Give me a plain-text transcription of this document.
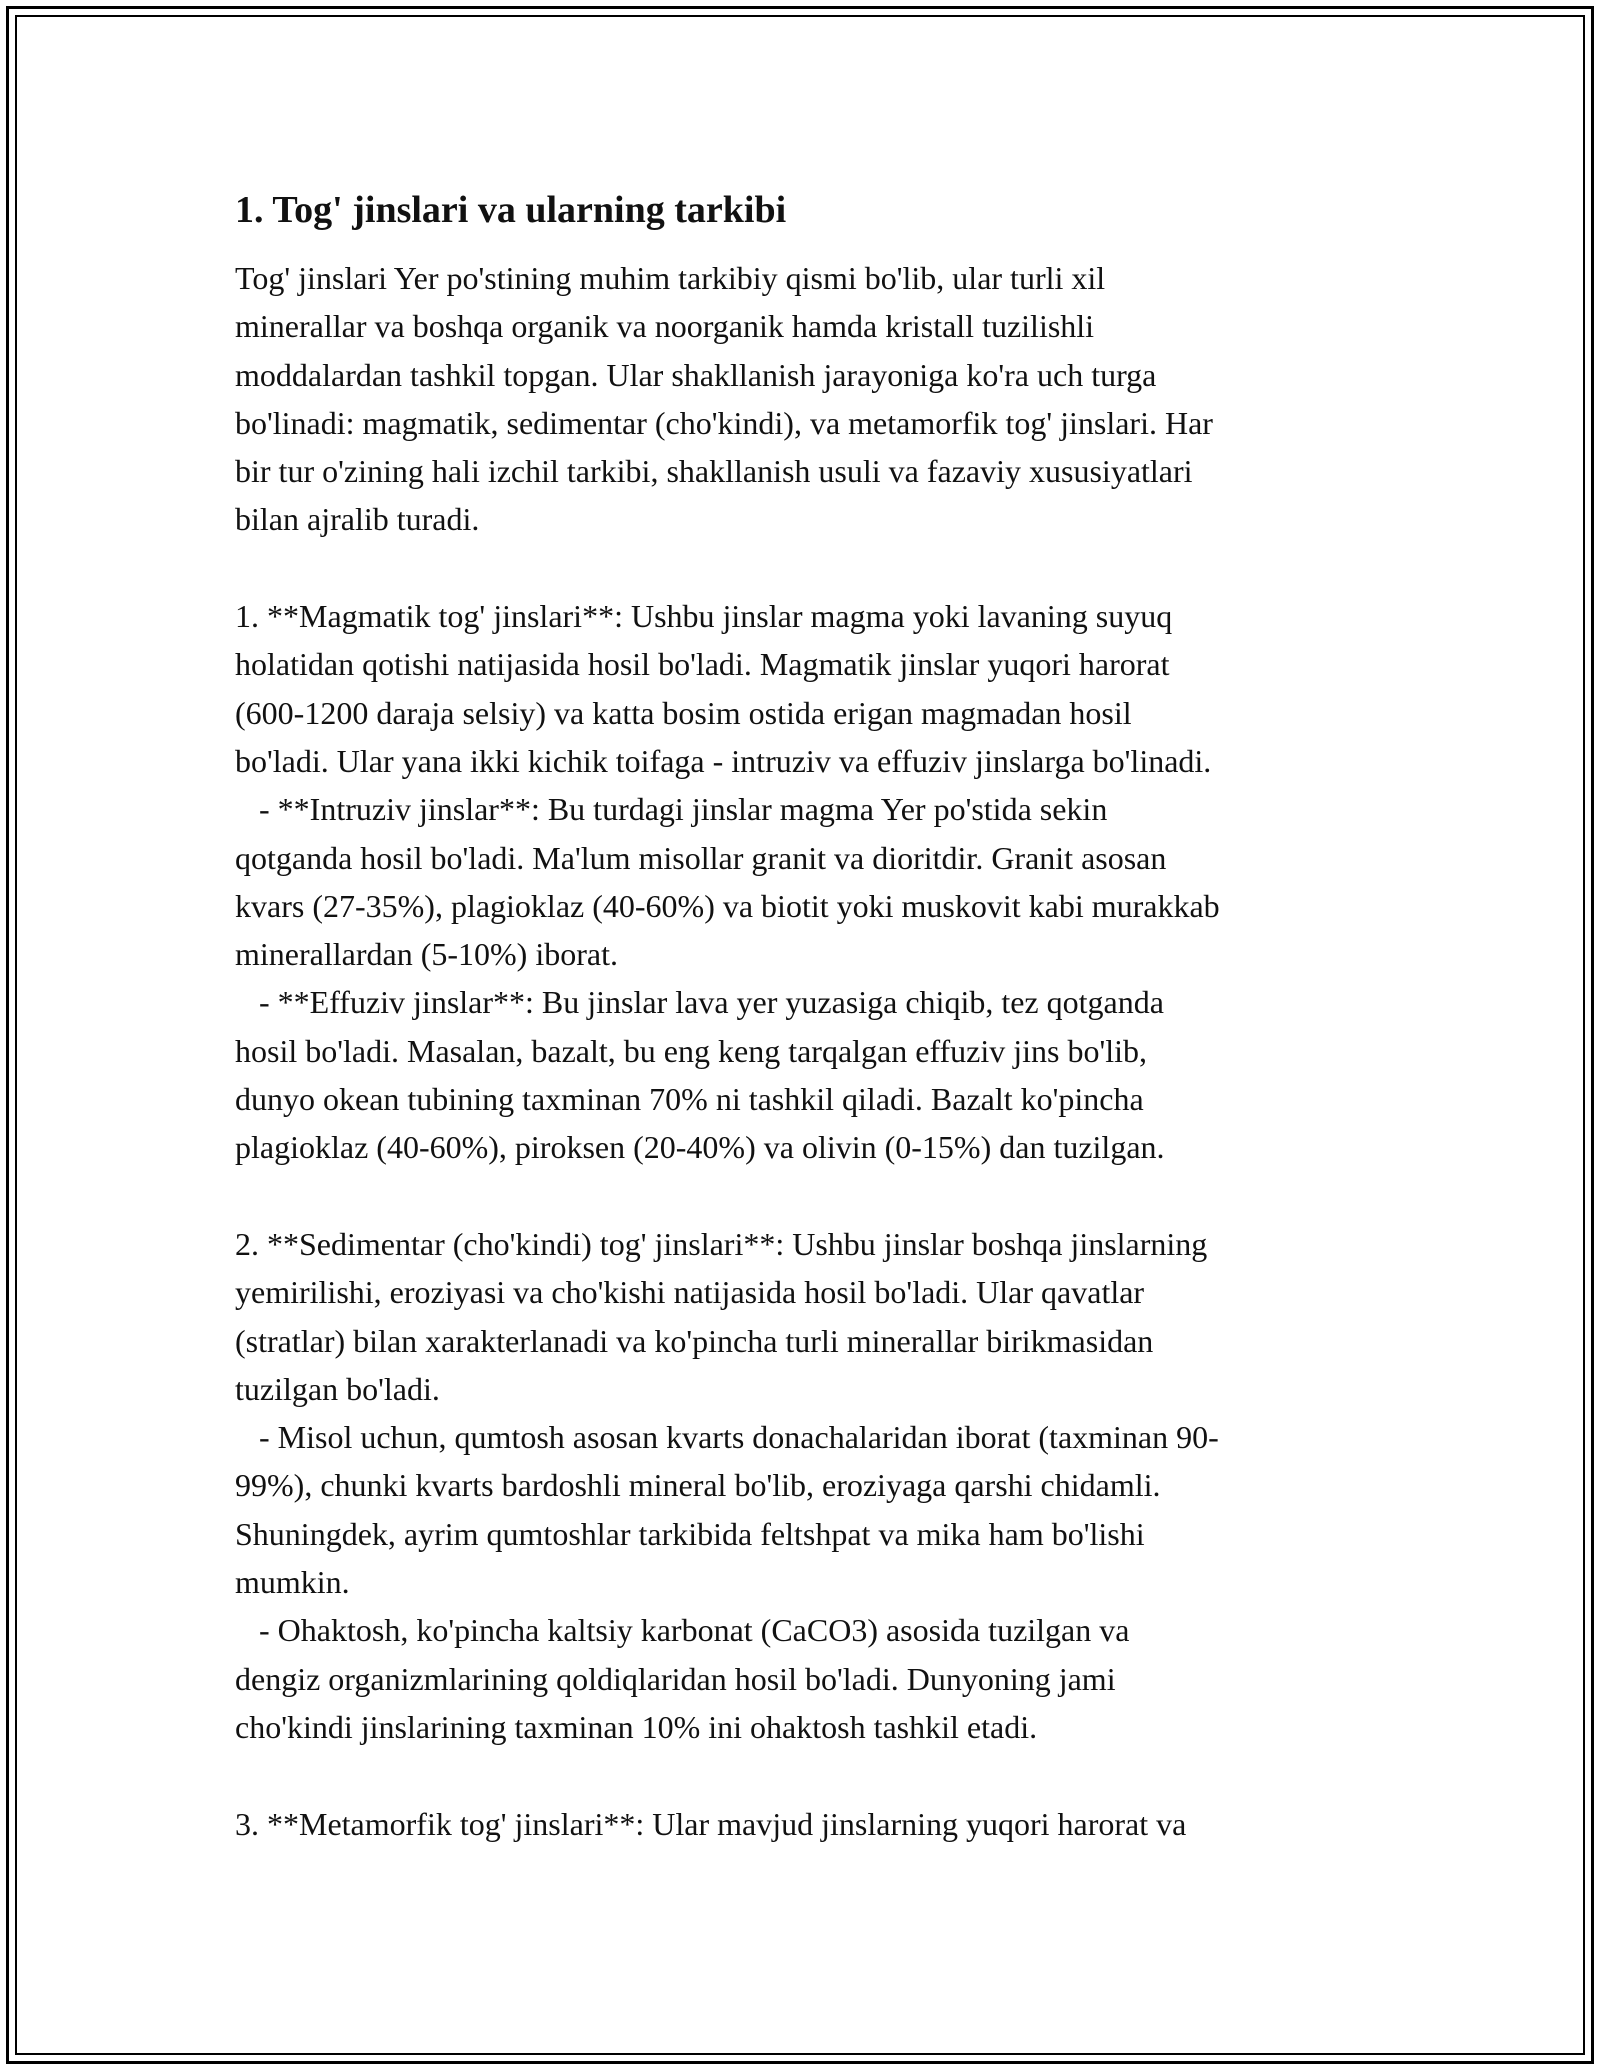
1. Tog' jinslari va ularning tarkibi
Tog' jinslari Yer po'stining muhim tarkibiy qismi bo'lib, ular turli xil
minerallar va boshqa organik va noorganik hamda kristall tuzilishli
moddalardan tashkil topgan. Ular shakllanish jarayoniga ko'ra uch turga
bo'linadi: magmatik, sedimentar (cho'kindi), va metamorfik tog' jinslari. Har
bir tur o'zining hali izchil tarkibi, shakllanish usuli va fazaviy xususiyatlari
bilan ajralib turadi.
1. **Magmatik tog' jinslari**: Ushbu jinslar magma yoki lavaning suyuq
holatidan qotishi natijasida hosil bo'ladi. Magmatik jinslar yuqori harorat
(600-1200 daraja selsiy) va katta bosim ostida erigan magmadan hosil
bo'ladi. Ular yana ikki kichik toifaga - intruziv va effuziv jinslarga bo'linadi.
- **Intruziv jinslar**: Bu turdagi jinslar magma Yer po'stida sekin
qotganda hosil bo'ladi. Ma'lum misollar granit va dioritdir. Granit asosan
kvars (27-35%), plagioklaz (40-60%) va biotit yoki muskovit kabi murakkab
minerallardan (5-10%) iborat.
- **Effuziv jinslar**: Bu jinslar lava yer yuzasiga chiqib, tez qotganda
hosil bo'ladi. Masalan, bazalt, bu eng keng tarqalgan effuziv jins bo'lib,
dunyo okean tubining taxminan 70% ni tashkil qiladi. Bazalt ko'pincha
plagioklaz (40-60%), piroksen (20-40%) va olivin (0-15%) dan tuzilgan.
2. **Sedimentar (cho'kindi) tog' jinslari**: Ushbu jinslar boshqa jinslarning
yemirilishi, eroziyasi va cho'kishi natijasida hosil bo'ladi. Ular qavatlar
(stratlar) bilan xarakterlanadi va ko'pincha turli minerallar birikmasidan
tuzilgan bo'ladi.
- Misol uchun, qumtosh asosan kvarts donachalaridan iborat (taxminan 90-
99%), chunki kvarts bardoshli mineral bo'lib, eroziyaga qarshi chidamli.
Shuningdek, ayrim qumtoshlar tarkibida feltshpat va mika ham bo'lishi
mumkin.
- Ohaktosh, ko'pincha kaltsiy karbonat (CaCO3) asosida tuzilgan va
dengiz organizmlarining qoldiqlaridan hosil bo'ladi. Dunyoning jami
cho'kindi jinslarining taxminan 10% ini ohaktosh tashkil etadi.
3. **Metamorfik tog' jinslari**: Ular mavjud jinslarning yuqori harorat va
